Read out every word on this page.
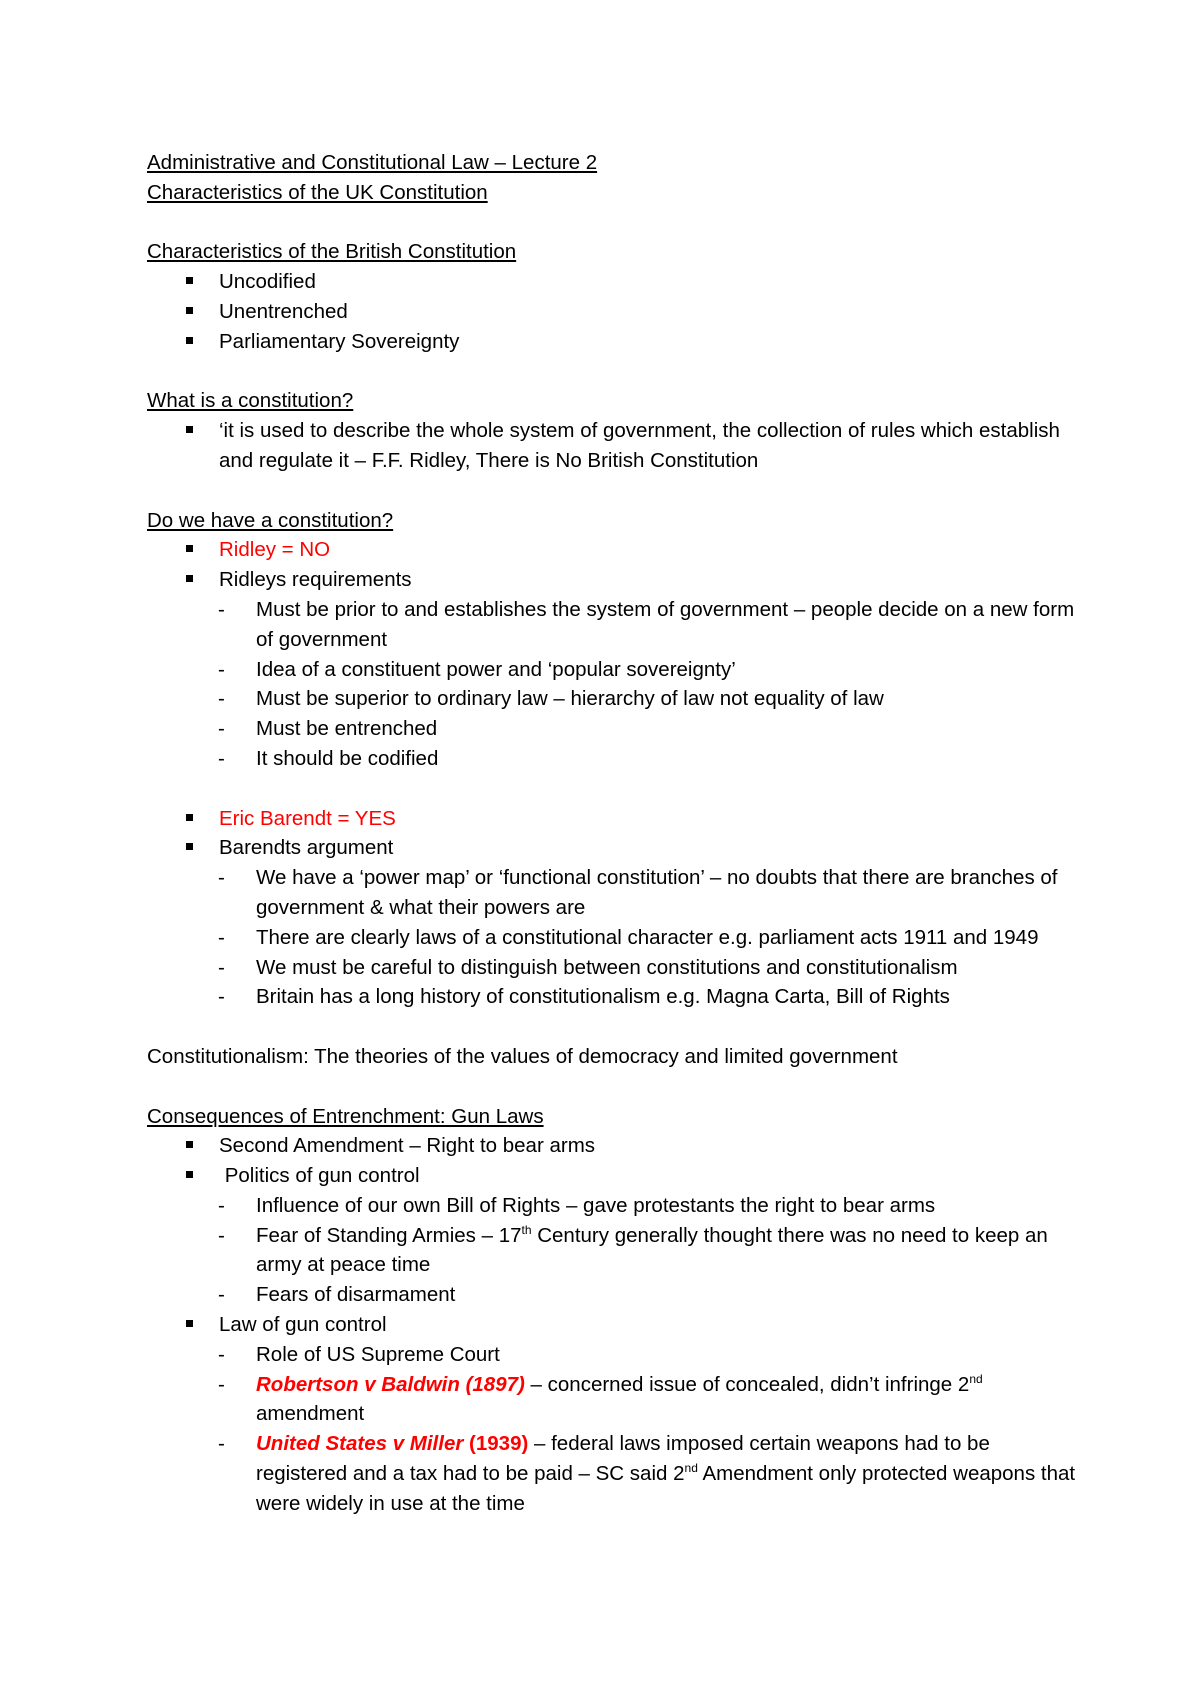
Administrative and Constitutional Law – Lecture 2
Characteristics of the UK Constitution
Characteristics of the British Constitution
Uncodified
Unentrenched
Parliamentary Sovereignty
What is a constitution?
‘it is used to describe the whole system of government, the collection of rules which establish and regulate it – F.F. Ridley, There is No British Constitution
Do we have a constitution?
Ridley = NO
Ridleys requirements
- Must be prior to and establishes the system of government – people decide on a new form of government
- Idea of a constituent power and ‘popular sovereignty’
- Must be superior to ordinary law – hierarchy of law not equality of law
- Must be entrenched
- It should be codified
Eric Barendt = YES
Barendts argument
- We have a ‘power map’ or ‘functional constitution’ – no doubts that there are branches of government & what their powers are
- There are clearly laws of a constitutional character e.g. parliament acts 1911 and 1949
- We must be careful to distinguish between constitutions and constitutionalism
- Britain has a long history of constitutionalism e.g. Magna Carta, Bill of Rights
Constitutionalism: The theories of the values of democracy and limited government
Consequences of Entrenchment: Gun Laws
Second Amendment – Right to bear arms
Politics of gun control
- Influence of our own Bill of Rights – gave protestants the right to bear arms
- Fear of Standing Armies – 17th Century generally thought there was no need to keep an army at peace time
- Fears of disarmament
Law of gun control
- Role of US Supreme Court
- Robertson v Baldwin (1897) – concerned issue of concealed, didn’t infringe 2nd amendment
- United States v Miller (1939) – federal laws imposed certain weapons had to be registered and a tax had to be paid – SC said 2nd Amendment only protected weapons that were widely in use at the time
